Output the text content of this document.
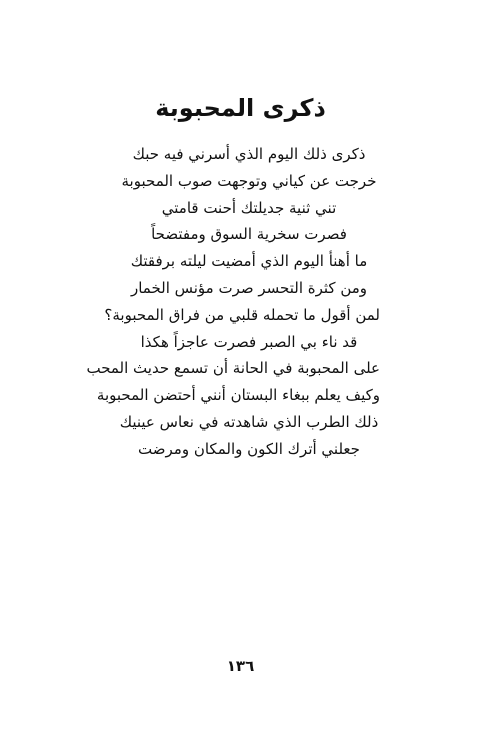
ذكرى المحبوبة
ذكرى ذلك اليوم الذي أسرني فيه حبك
خرجت عن كياني وتوجهت صوب المحبوبة
تني ثنية جديلتك أحنت قامتي
فصرت سخرية السوق ومفتضحاً
ما أهنأ اليوم الذي أمضيت ليلته برفقتك
ومن كثرة التحسر صرت مؤنس الخمار
لمن أقول ما تحمله قلبي من فراق المحبوبة؟
قد ناء بي الصبر فصرت عاجزاً هكذا
على المحبوبة في الحانة أن تسمع حديث المحب
وكيف يعلم ببغاء البستان أنني أحتضن المحبوبة
ذلك الطرب الذي شاهدته في نعاس عينيك
جعلني أترك الكون والمكان ومرضت
١٣٦
